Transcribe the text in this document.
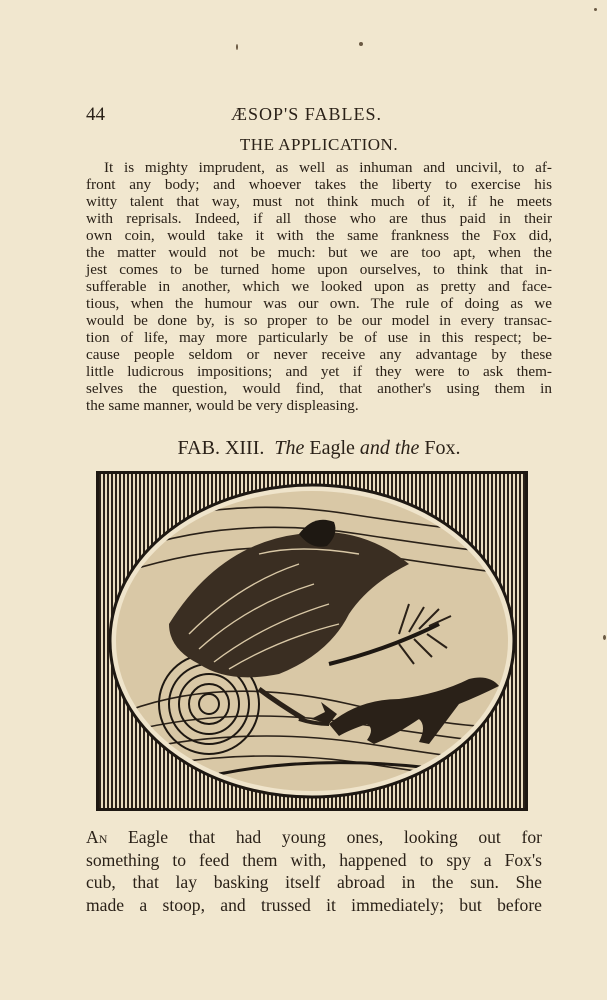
44	ÆSOP'S FABLES.
THE APPLICATION.

It is mighty imprudent, as well as inhuman and uncivil, to af-
front any body; and whoever takes the liberty to exercise his
witty talent that way, must not think much of it, if he meets
with reprisals. Indeed, if all those who are thus paid in their
own coin, would take it with the same frankness the Fox did,
the matter would not be much: but we are too apt, when the
jest comes to be turned home upon ourselves, to think that in-
sufferable in another, which we looked upon as pretty and face-
tious, when the humour was our own. The rule of doing as we
would be done by, is so proper to be our model in every transac-
tion of life, may more particularly be of use in this respect; be-
cause people seldom or never receive any advantage by these
little ludicrous impositions; and yet if they were to ask them-
selves the question, would find, that another's using them in
the same manner, would be very displeasing.

FAB. XIII. The Eagle and the Fox.

An Eagle that had young ones, looking out for
something to feed them with, happened to spy a Fox's
cub, that lay basking itself abroad in the sun. She
made a stoop, and trussed it immediately; but before
